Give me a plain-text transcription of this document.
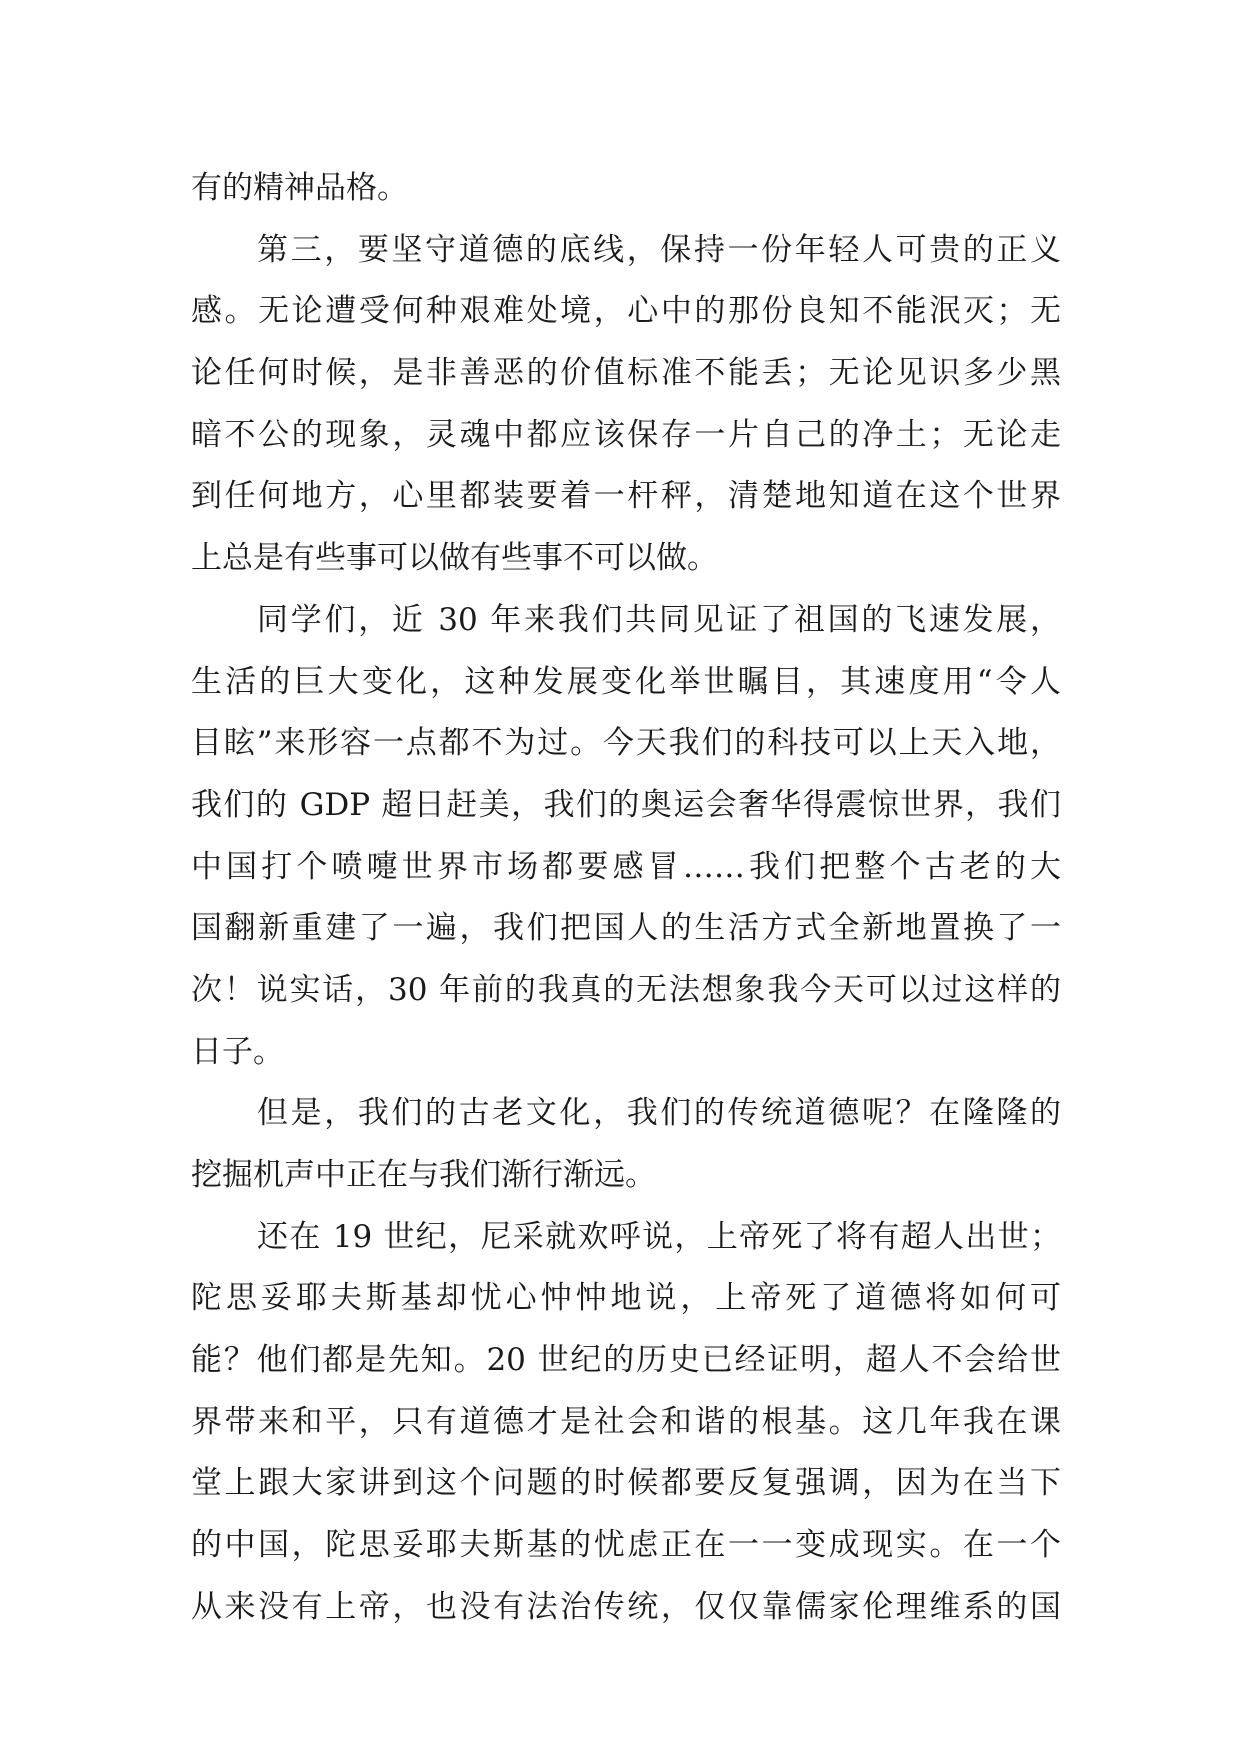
有的精神品格。
第三，要坚守道德的底线，保持一份年轻人可贵的正义
感。无论遭受何种艰难处境，心中的那份良知不能泯灭；无
论任何时候，是非善恶的价值标准不能丢；无论见识多少黑
暗不公的现象，灵魂中都应该保存一片自己的净土；无论走
到任何地方，心里都装要着一杆秤，清楚地知道在这个世界
上总是有些事可以做有些事不可以做。
同学们，近 30 年来我们共同见证了祖国的飞速发展，
生活的巨大变化，这种发展变化举世瞩目，其速度用“令人
目眩”来形容一点都不为过。今天我们的科技可以上天入地，
我们的 GDP 超日赶美，我们的奥运会奢华得震惊世界，我们
中国打个喷嚏世界市场都要感冒……我们把整个古老的大
国翻新重建了一遍，我们把国人的生活方式全新地置换了一
次！说实话，30 年前的我真的无法想象我今天可以过这样的
日子。
但是，我们的古老文化，我们的传统道德呢？在隆隆的
挖掘机声中正在与我们渐行渐远。
还在 19 世纪，尼采就欢呼说，上帝死了将有超人出世；
陀思妥耶夫斯基却忧心忡忡地说，上帝死了道德将如何可
能？他们都是先知。20 世纪的历史已经证明，超人不会给世
界带来和平，只有道德才是社会和谐的根基。这几年我在课
堂上跟大家讲到这个问题的时候都要反复强调，因为在当下
的中国，陀思妥耶夫斯基的忧虑正在一一变成现实。在一个
从来没有上帝，也没有法治传统，仅仅靠儒家伦理维系的国
